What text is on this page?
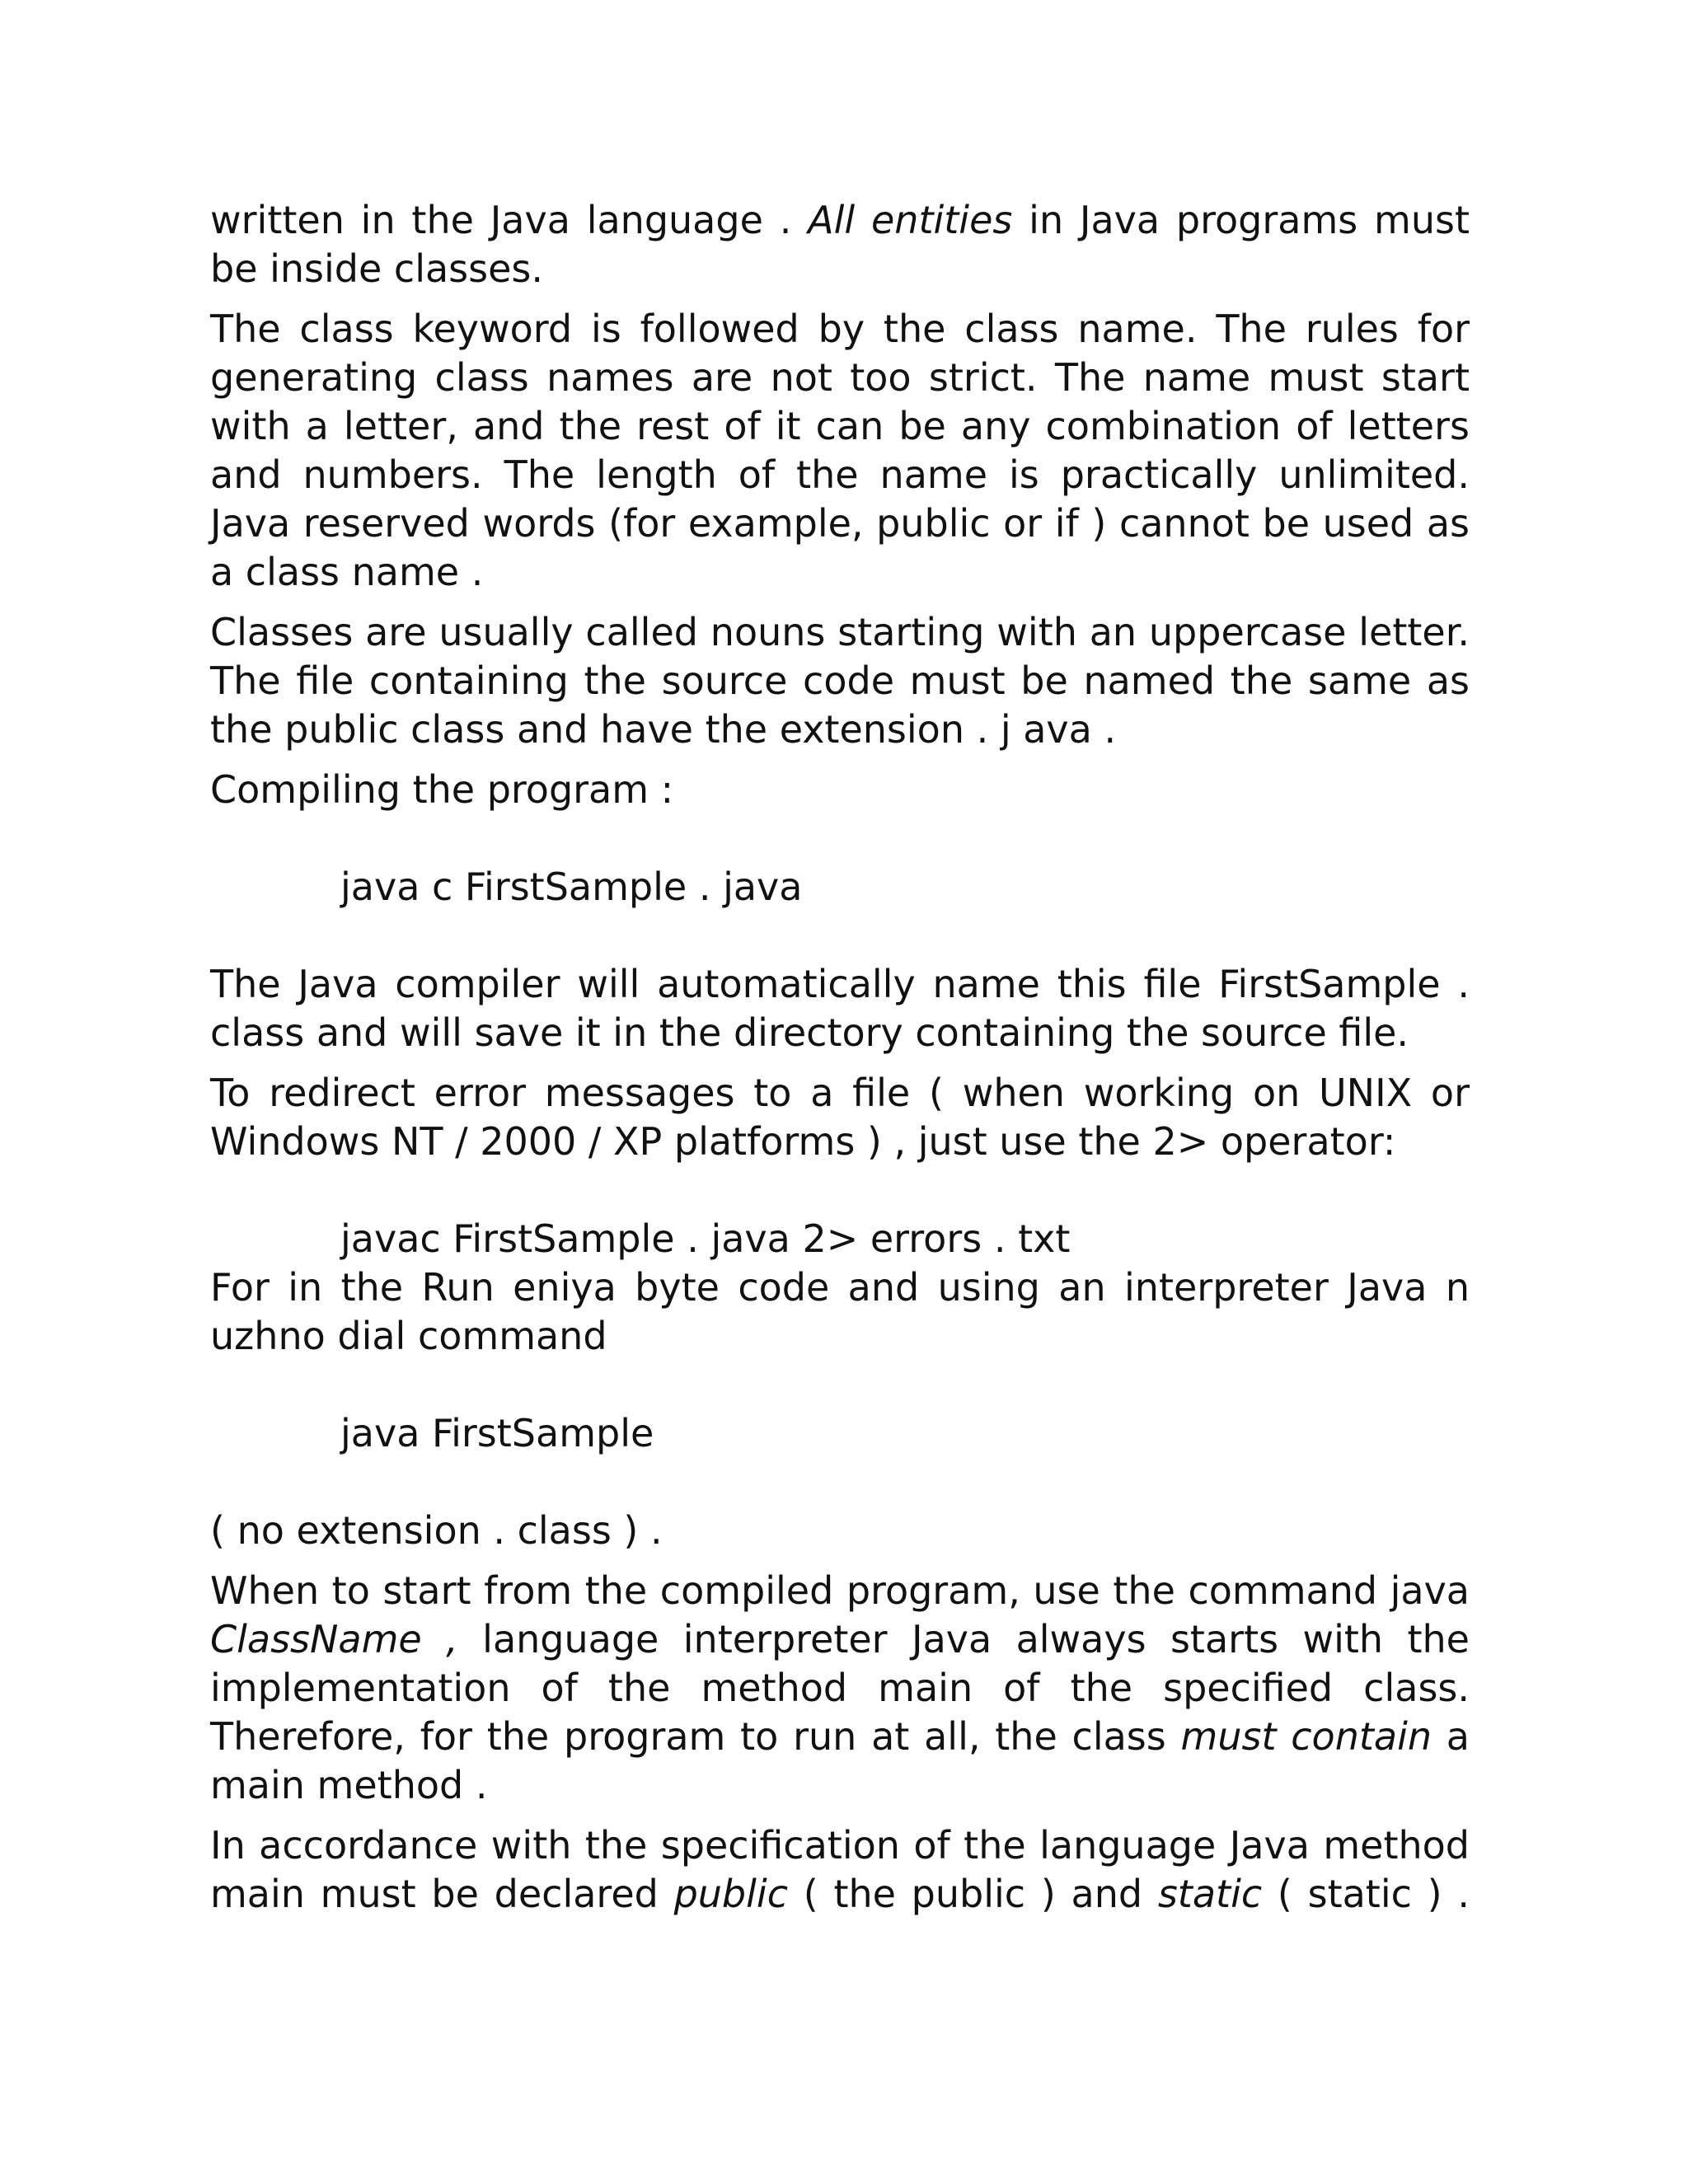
written in the Java language . All entities in Java programs must be inside classes.

The class keyword is followed by the class name. The rules for generating class names are not too strict. The name must start with a letter, and the rest of it can be any combination of letters and numbers. The length of the name is practically unlimited. Java reserved words (for example, public or if ) cannot be used as a class name .

Classes are usually called nouns starting with an uppercase letter. The file containing the source code must be named the same as the public class and have the extension . j ava .

Compiling the program :

java c FirstSample . java

The Java compiler will automatically name this file FirstSample . class and will save it in the directory containing the source file.

To redirect error messages to a file ( when working on UNIX or Windows NT / 2000 / XP platforms ) , just use the 2> operator:

javac FirstSample . java 2> errors . txt

For in the Run eniya byte code and using an interpreter Java n uzhno dial command

java FirstSample

( no extension . class ) .

When to start from the compiled program, use the command java ClassName , language interpreter Java always starts with the implementation of the method main of the specified class. Therefore, for the program to run at all, the class must contain a main method .

In accordance with the specification of the language Java method main must be declared public ( the public ) and static ( static ) .
